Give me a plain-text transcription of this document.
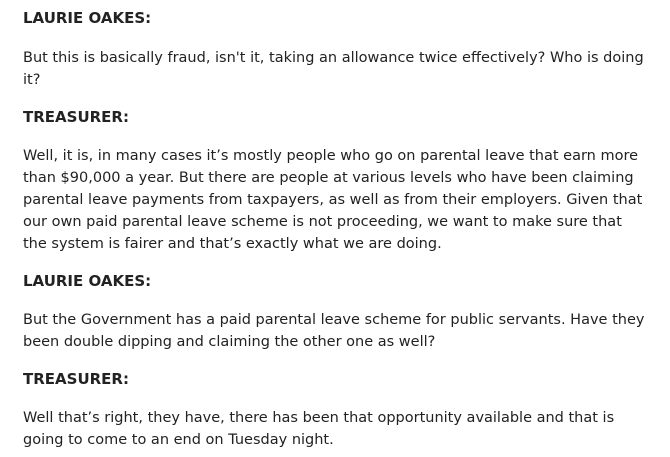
LAURIE OAKES:
But this is basically fraud, isn't it, taking an allowance twice effectively? Who is doing it?
TREASURER:
Well, it is, in many cases it’s mostly people who go on parental leave that earn more than $90,000 a year. But there are people at various levels who have been claiming parental leave payments from taxpayers, as well as from their employers. Given that our own paid parental leave scheme is not proceeding, we want to make sure that the system is fairer and that’s exactly what we are doing.
LAURIE OAKES:
But the Government has a paid parental leave scheme for public servants. Have they been double dipping and claiming the other one as well?
TREASURER:
Well that’s right, they have, there has been that opportunity available and that is going to come to an end on Tuesday night.
